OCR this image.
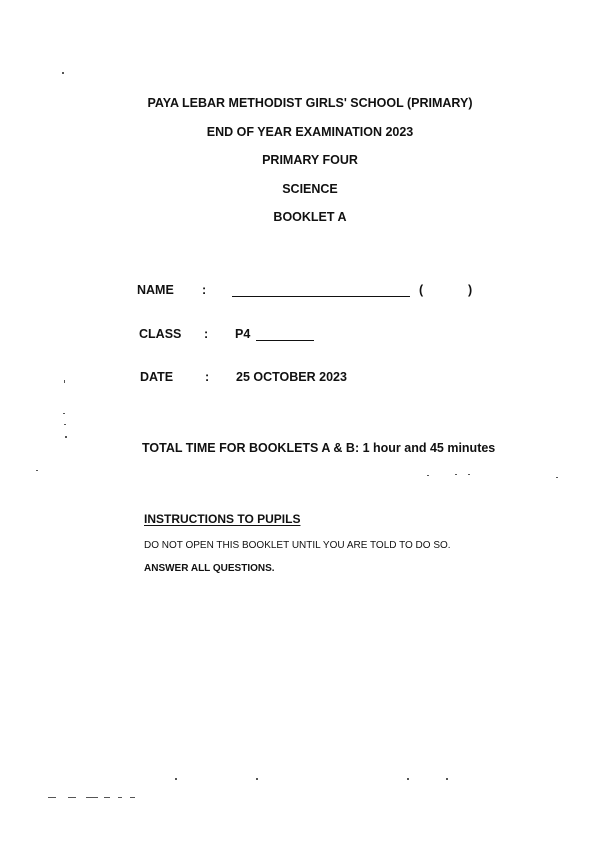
PAYA LEBAR METHODIST GIRLS' SCHOOL (PRIMARY)
END OF YEAR EXAMINATION 2023
PRIMARY FOUR
SCIENCE
BOOKLET A
NAME :	(	)
CLASS : P4
DATE	: 25 OCTOBER 2023
TOTAL TIME FOR BOOKLETS A & B: 1 hour and 45 minutes
INSTRUCTIONS TO PUPILS
DO NOT OPEN THIS BOOKLET UNTIL YOU ARE TOLD TO DO SO.
ANSWER ALL QUESTIONS.
